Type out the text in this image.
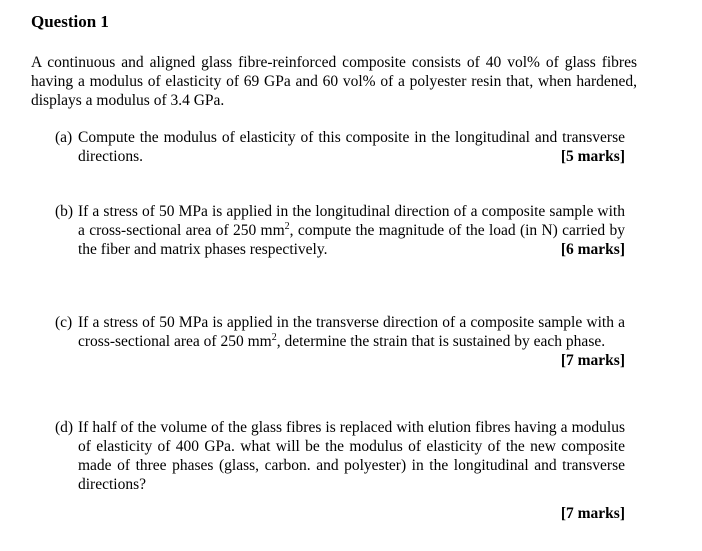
Question 1
A continuous and aligned glass fibre-reinforced composite consists of 40 vol% of glass fibres having a modulus of elasticity of 69 GPa and 60 vol% of a polyester resin that, when hardened, displays a modulus of 3.4 GPa.
(a) Compute the modulus of elasticity of this composite in the longitudinal and transverse directions.	[5 marks]
(b) If a stress of 50 MPa is applied in the longitudinal direction of a composite sample with a cross-sectional area of 250 $mm^2$, compute the magnitude of the load (in N) carried by the fiber and matrix phases respectively.	[6 marks]
(c) If a stress of 50 MPa is applied in the transverse direction of a composite sample with a cross-sectional area of 250 $mm^2$, determine the strain that is sustained by each phase.
[7 marks]
(d) If half of the volume of the glass fibres is replaced with elution fibres having a modulus of elasticity of 400 GPa. what will be the modulus of elasticity of the new composite made of three phases (glass, carbon. and polyester) in the longitudinal and transverse directions?
[7 marks]
